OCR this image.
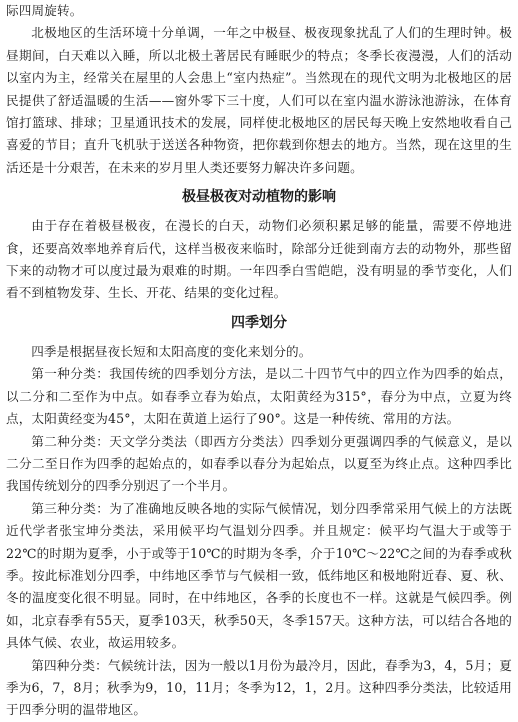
际四周旋转。

北极地区的生活环境十分单调，一年之中极昼、极夜现象扰乱了人们的生理时钟。极昼期间，白天难以入睡，所以北极土著居民有睡眠少的特点；冬季长夜漫漫，人们的活动以室内为主，经常关在屋里的人会患上“室内热症”。当然现在的现代文明为北极地区的居民提供了舒适温暖的生活——窗外零下三十度，人们可以在室内温水游泳池游泳，在体育馆打篮球、排球；卫星通讯技术的发展，同样使北极地区的居民每天晚上安然地收看自己喜爱的节目；直升飞机驮于送送各种物资，把你载到你想去的地方。当然，现在这里的生活还是十分艰苦，在未来的岁月里人类还要努力解决许多问题。

极昼极夜对动植物的影响

由于存在着极昼极夜，在漫长的白天，动物们必须积累足够的能量，需要不停地进食，还要高效率地养育后代，这样当极夜来临时，除部分迁徙到南方去的动物外，那些留下来的动物才可以度过最为艰难的时期。一年四季白雪皑皑，没有明显的季节变化，人们看不到植物发芽、生长、开花、结果的变化过程。

四季划分

四季是根据昼夜长短和太阳高度的变化来划分的。

第一种分类：我国传统的四季划分方法，是以二十四节气中的四立作为四季的始点，以二分和二至作为中点。如春季立春为始点，太阳黄经为315°，春分为中点，立夏为终点，太阳黄经变为45°，太阳在黄道上运行了90°。这是一种传统、常用的方法。

第二种分类：天文学分类法（即西方分类法）四季划分更强调四季的气候意义，是以二分二至日作为四季的起始点的，如春季以春分为起始点，以夏至为终止点。这种四季比我国传统划分的四季分别迟了一个半月。

第三种分类：为了准确地反映各地的实际气候情况，划分四季常采用气候上的方法既近代学者张宝坤分类法，采用候平均气温划分四季。并且规定：候平均气温大于或等于22℃的时期为夏季，小于或等于10℃的时期为冬季，介于10℃～22℃之间的为春季或秋季。按此标准划分四季，中纬地区季节与气候相一致，低纬地区和极地附近春、夏、秋、冬的温度变化很不明显。同时，在中纬地区，各季的长度也不一样。这就是气候四季。例如，北京春季有55天，夏季103天，秋季50天，冬季157天。这种方法，可以结合各地的具体气候、农业，故运用较多。

第四种分类：气候统计法，因为一般以1月份为最冷月，因此，春季为3，4，5月；夏季为6，7，8月；秋季为9，10，11月；冬季为12，1，2月。这种四季分类法，比较适用于四季分明的温带地区。
